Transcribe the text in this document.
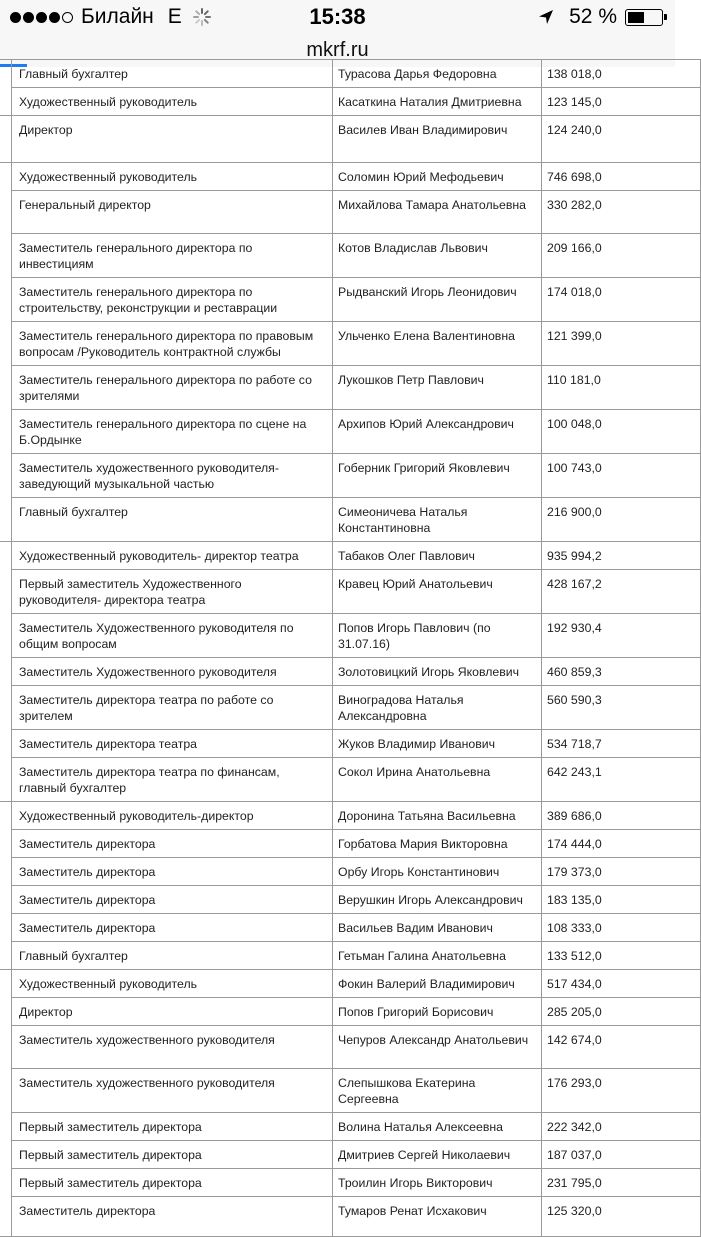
Билайн E	15:38	52 %
mkrf.ru
	Главный бухгалтер	Турасова Дарья Федоровна	138 018,0
	Художественный руководитель	Касаткина Наталия Дмитриевна	123 145,0
	Директор	Василев Иван Владимирович	124 240,0
	Художественный руководитель	Соломин Юрий Мефодьевич	746 698,0
	Генеральный директор	Михайлова Тамара Анатольевна	330 282,0
	Заместитель генерального директора по инвестициям	Котов Владислав Львович	209 166,0
	Заместитель генерального директора по строительству, реконструкции и реставрации	Рыдванский Игорь Леонидович	174 018,0
	Заместитель генерального директора по правовым вопросам /Руководитель контрактной службы	Ульченко Елена Валентиновна	121 399,0
	Заместитель генерального директора по работе со зрителями	Лукошков Петр Павлович	110 181,0
	Заместитель генерального директора по сцене на Б.Ордынке	Архипов Юрий Александрович	100 048,0
	Заместитель художественного руководителя-заведующий музыкальной частью	Гоберник Григорий Яковлевич	100 743,0
	Главный бухгалтер	Симеоничева Наталья Константиновна	216 900,0
	Художественный руководитель- директор театра	Табаков Олег Павлович	935 994,2
	Первый заместитель Художественного руководителя- директора театра	Кравец Юрий Анатольевич	428 167,2
	Заместитель Художественного руководителя по общим вопросам	Попов Игорь Павлович (по 31.07.16)	192 930,4
	Заместитель Художественного руководителя	Золотовицкий Игорь Яковлевич	460 859,3
	Заместитель директора театра по работе со зрителем	Виноградова Наталья Александровна	560 590,3
	Заместитель директора театра	Жуков Владимир Иванович	534 718,7
	Заместитель директора театра по финансам, главный бухгалтер	Сокол Ирина Анатольевна	642 243,1
	Художественный руководитель-директор	Доронина Татьяна Васильевна	389 686,0
	Заместитель директора	Горбатова Мария Викторовна	174 444,0
	Заместитель директора	Орбу Игорь Константинович	179 373,0
	Заместитель директора	Верушкин Игорь Александрович	183 135,0
	Заместитель директора	Васильев Вадим Иванович	108 333,0
	Главный бухгалтер	Гетьман Галина Анатольевна	133 512,0
	Художественный руководитель	Фокин Валерий Владимирович	517 434,0
	Директор	Попов Григорий Борисович	285 205,0
	Заместитель художественного руководителя	Чепуров Александр Анатольевич	142 674,0
	Заместитель художественного руководителя	Слепышкова Екатерина Сергеевна	176 293,0
	Первый заместитель директора	Волина Наталья Алексеевна	222 342,0
	Первый заместитель директора	Дмитриев Сергей Николаевич	187 037,0
	Первый заместитель директора	Троилин Игорь Викторович	231 795,0
	Заместитель директора	Тумаров Ренат Исхакович	125 320,0
